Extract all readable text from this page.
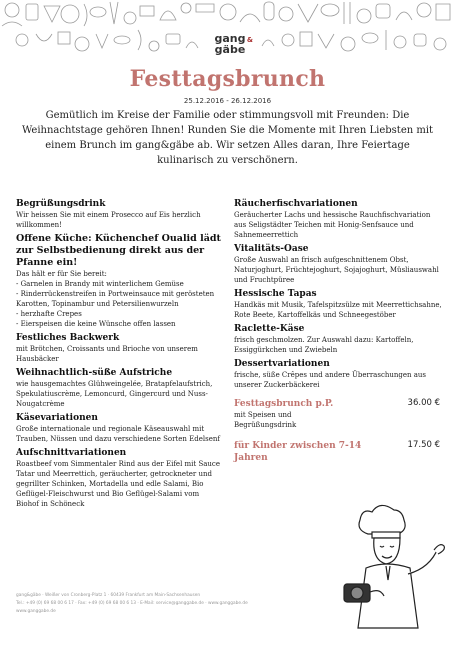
gang
gäbe
&
Festtagsbrunch
25.12.2016 - 26.12.2016
Gemütlich im Kreise der Familie oder stimmungsvoll mit Freunden: Die Weihnachtstage gehören Ihnen! Runden Sie die Momente mit Ihren Liebsten mit einem Brunch im gang&gäbe ab. Wir setzen Alles daran, Ihre Feiertage kulinarisch zu verschönern.
Begrüßungsdrink
Wir heissen Sie mit einem Prosecco auf Eis herzlich willkommen!
Offene Küche: Küchenchef Oualid lädt zur Selbstbedienung direkt aus der Pfanne ein!
Das hält er für Sie bereit:
- Garnelen in Brandy mit winterlichem Gemüse
- Rinderrückenstreifen in Portweinsauce mit gerösteten Karotten, Topinambur und Petersilienwurzeln
- herzhafte Crepes
- Eierspeisen die keine Wünsche offen lassen
Festliches Backwerk
mit Brötchen, Croissants und Brioche von unserem Hausbäcker
Weihnachtlich-süße Aufstriche
wie hausgemachtes Glühweingelée, Bratapfelaufstrich, Spekulatiuscrème, Lemoncurd, Gingercurd und Nuss-Nougatcrème
Käsevariationen
Große internationale und regionale Käseauswahl mit Trauben, Nüssen und dazu verschiedene Sorten Edelsenf
Aufschnittvariationen
Roastbeef vom Simmentaler Rind aus der Eifel mit Sauce Tatar und Meerrettich, geräucherter, getrockneter und gegrillter Schinken, Mortadella und edle Salami, Bio Geflügel-Fleischwurst und Bio Geflügel-Salami vom Biohof in Schöneck
Räucherfischvariationen
Geräucherter Lachs und hessische Rauchfischvariation aus Seligstädter Teichen mit Honig-Senfsauce und Sahnemeerrettich
Vitalitäts-Oase
Große Auswahl an frisch aufgeschnittenem Obst, Naturjoghurt, Früchtejoghurt, Sojajoghurt, Müsliauswahl und Fruchtpüree
Hessische Tapas
Handkäs mit Musik, Tafelspitzsülze mit Meerrettichsahne, Rote Beete, Kartoffelkäs und Schneegestöber
Raclette-Käse
frisch geschmolzen. Zur Auswahl dazu: Kartoffeln, Essiggürkchen und Zwiebeln
Dessertvariationen
frische, süße Crêpes und andere Überraschungen aus unserer Zuckerbäckerei
Festtagsbrunch p.P.	36.00 €
mit Speisen und Begrüßungsdrink
für Kinder zwischen 7-14 Jahren
17.50 €
gang&gäbe · Weißer von Cronberg-Platz 1 · 60439 Frankfurt am Main-Sachsenhausen
Tel.: +49 (0) 69 68 00 6 17 · Fax: +49 (0) 69 68 00 6 13 · E-Mail: service@ganggabe.de · www.ganggabe.de
www.ganggabe.de
